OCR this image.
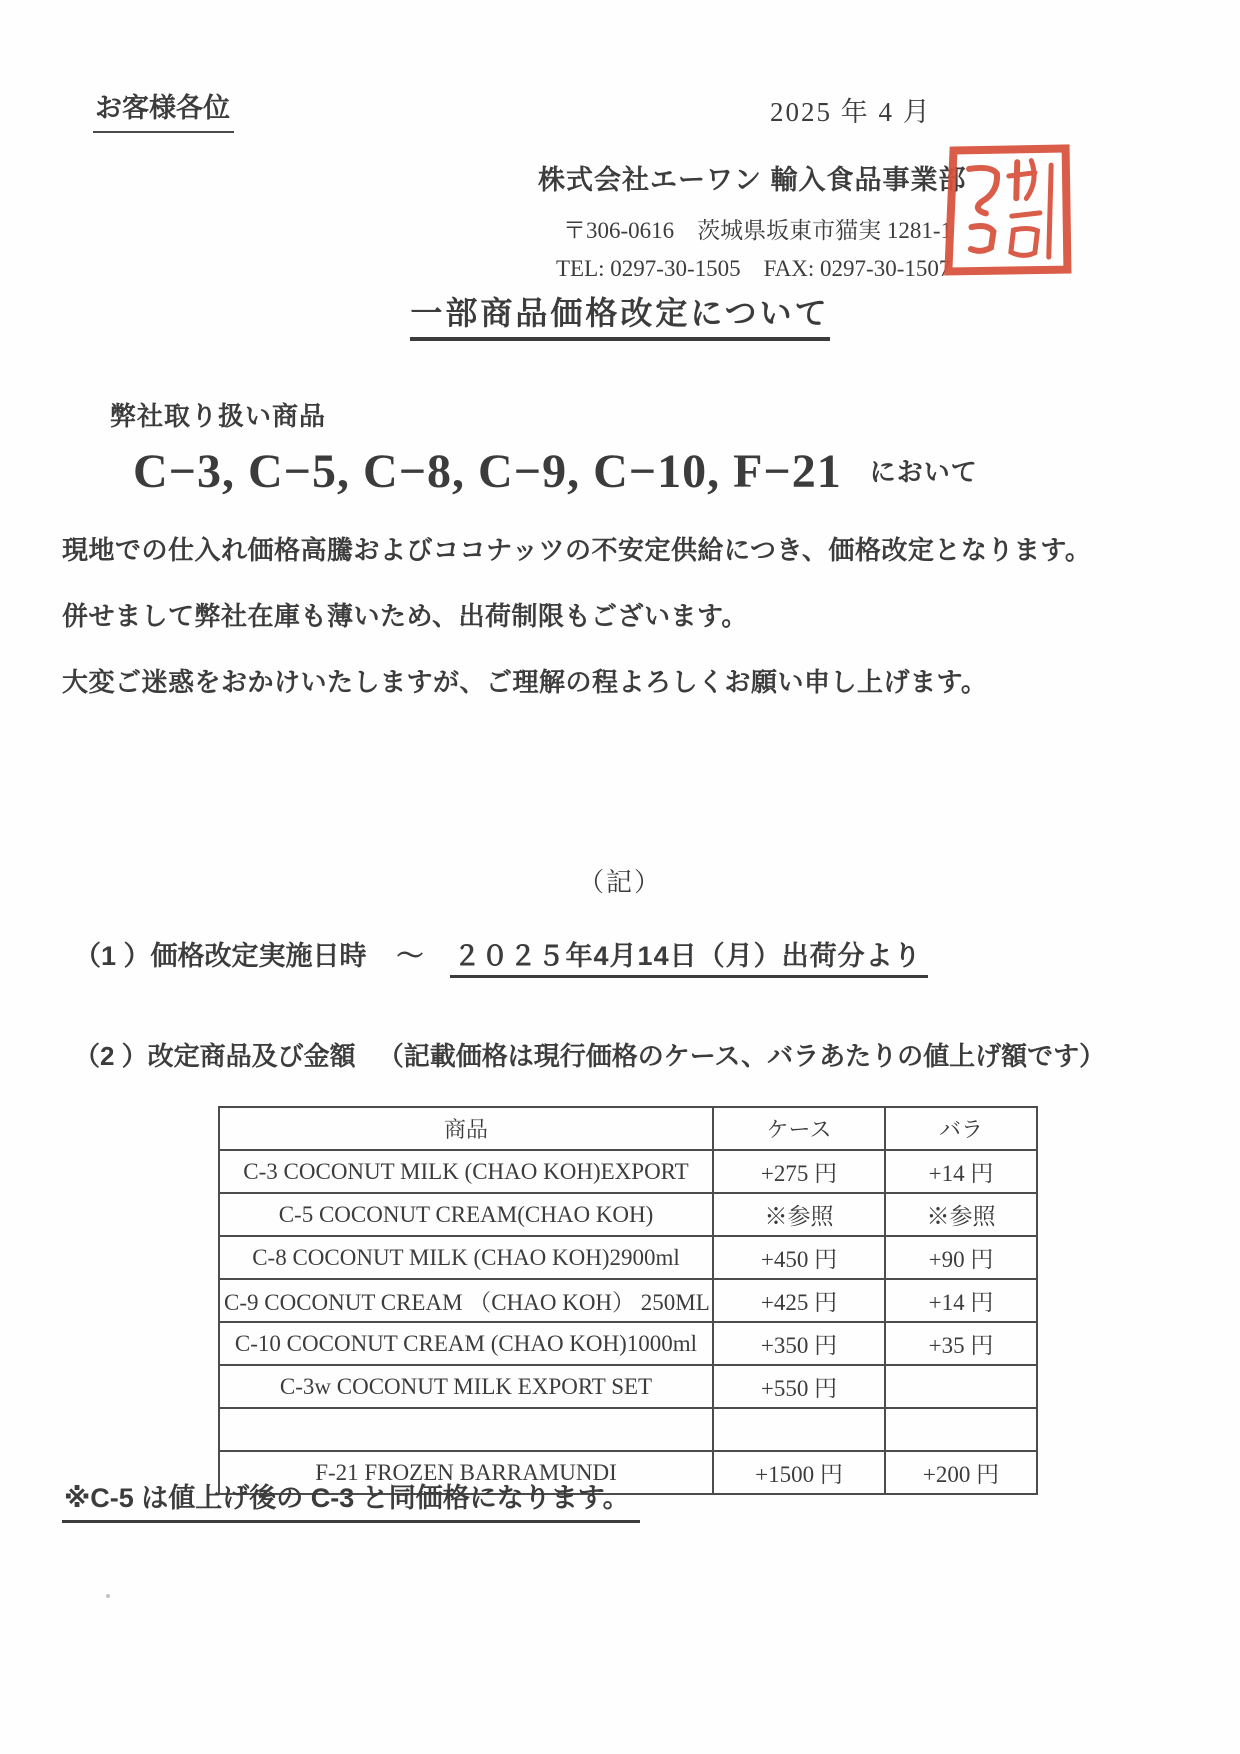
お客様各位	2025 年 4 月
株式会社エーワン 輸入食品事業部
〒306-0616　茨城県坂東市猫実 1281-1
TEL: 0297-30-1505　FAX: 0297-30-1507
一部商品価格改定について
弊社取り扱い商品
C−3, C−5, C−8, C−9, C−10, F−21 において
現地での仕入れ価格高騰およびココナッツの不安定供給につき、価格改定となります。
併せまして弊社在庫も薄いため、出荷制限もございます。
大変ご迷惑をおかけいたしますが、ご理解の程よろしくお願い申し上げます。
（記）
（1 ）価格改定実施日時 ～ ２０２５年4月14日（月）出荷分より
（2 ）改定商品及び金額 （記載価格は現行価格のケース、バラあたりの値上げ額です）
商品	ケース	バラ
C-3 COCONUT MILK (CHAO KOH)EXPORT	+275 円	+14 円
C-5 COCONUT CREAM(CHAO KOH)	※参照	※参照
C-8 COCONUT MILK (CHAO KOH)2900ml	+450 円	+90 円
C-9 COCONUT CREAM （CHAO KOH） 250ML	+425 円	+14 円
C-10 COCONUT CREAM (CHAO KOH)1000ml	+350 円	+35 円
C-3w COCONUT MILK EXPORT SET	+550 円	

F-21 FROZEN BARRAMUNDI	+1500 円	+200 円
※C-5 は値上げ後の C-3 と同価格になります。
